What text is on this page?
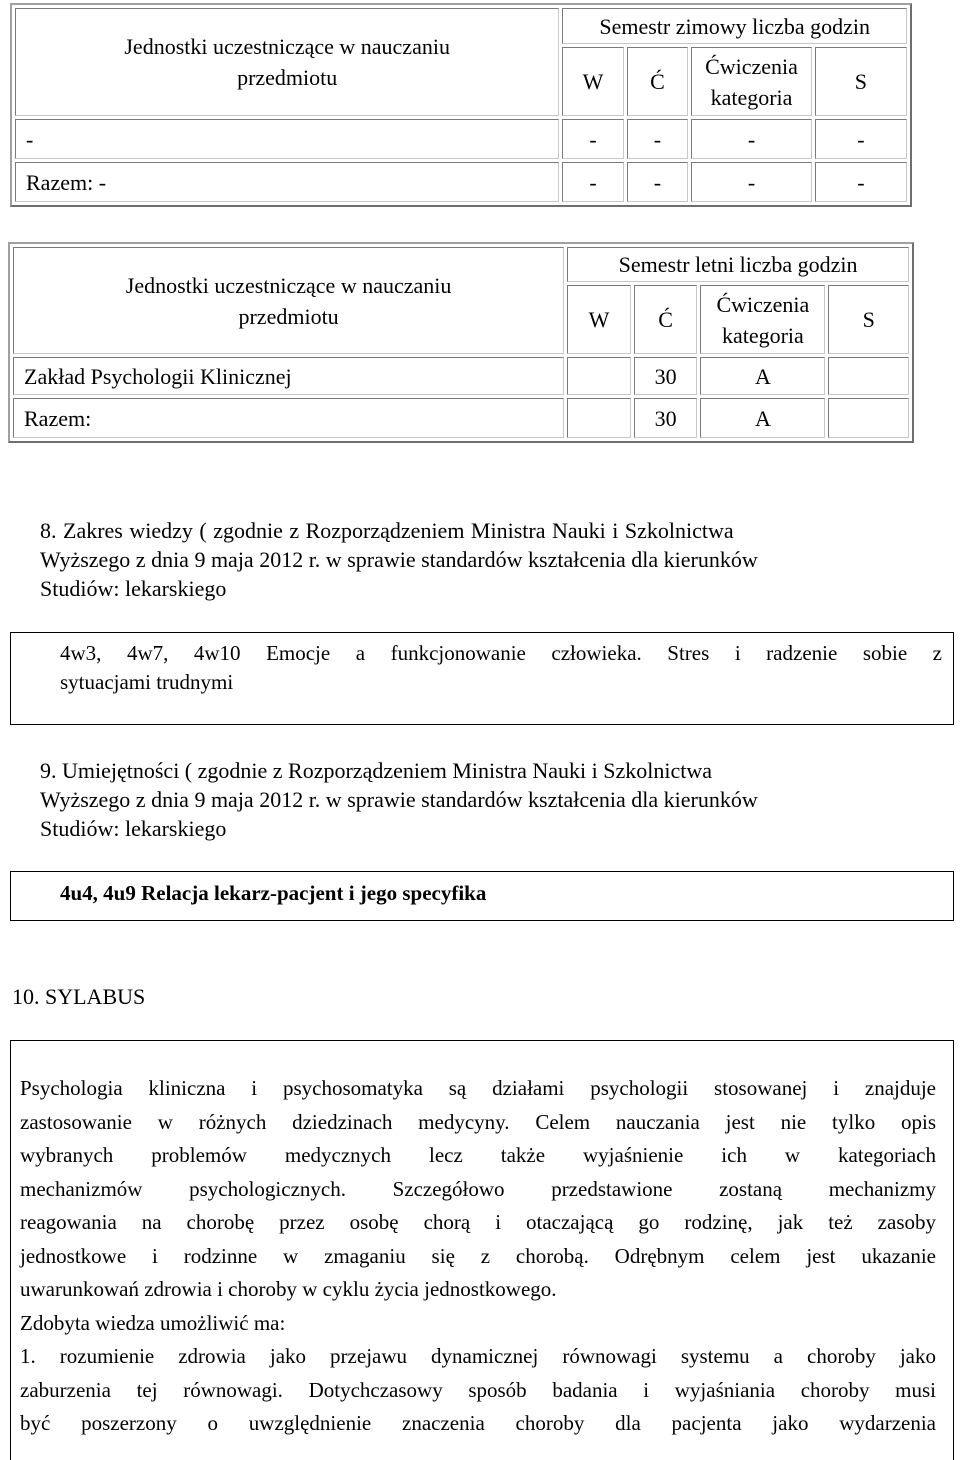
Jednostki uczestniczące w nauczaniu przedmiotu	Semestr zimowy liczba godzin			
	W	Ć	Ćwiczenia kategoria	S
-	-	-	-	-
Razem: -	-	-	-	-
Jednostki uczestniczące w nauczaniu przedmiotu	Semestr letni liczba godzin			
	W	Ć	Ćwiczenia kategoria	S
Zakład Psychologii Klinicznej		30	A	
Razem:		30	A	
8. Zakres wiedzy ( zgodnie z Rozporządzeniem Ministra Nauki i Szkolnictwa
Wyższego z dnia 9 maja 2012 r. w sprawie standardów kształcenia dla kierunków
Studiów: lekarskiego
4w3, 4w7, 4w10 Emocje a funkcjonowanie człowieka. Stres i radzenie sobie z
sytuacjami trudnymi
9. Umiejętności ( zgodnie z Rozporządzeniem Ministra Nauki i Szkolnictwa
Wyższego z dnia 9 maja 2012 r. w sprawie standardów kształcenia dla kierunków
Studiów: lekarskiego
4u4, 4u9 Relacja lekarz-pacjent i jego specyfika
10. SYLABUS
Psychologia kliniczna i psychosomatyka są działami psychologii stosowanej i znajduje
zastosowanie w różnych dziedzinach medycyny. Celem nauczania jest nie tylko opis
wybranych problemów medycznych lecz także wyjaśnienie ich w kategoriach
mechanizmów psychologicznych. Szczegółowo przedstawione zostaną mechanizmy
reagowania na chorobę przez osobę chorą i otaczającą go rodzinę, jak też zasoby
jednostkowe i rodzinne w zmaganiu się z chorobą. Odrębnym celem jest ukazanie
uwarunkowań zdrowia i choroby w cyklu życia jednostkowego.
Zdobyta wiedza umożliwić ma:
1. rozumienie zdrowia jako przejawu dynamicznej równowagi systemu a choroby jako
zaburzenia tej równowagi. Dotychczasowy sposób badania i wyjaśniania choroby musi
być poszerzony o uwzględnienie znaczenia choroby dla pacjenta jako wydarzenia
